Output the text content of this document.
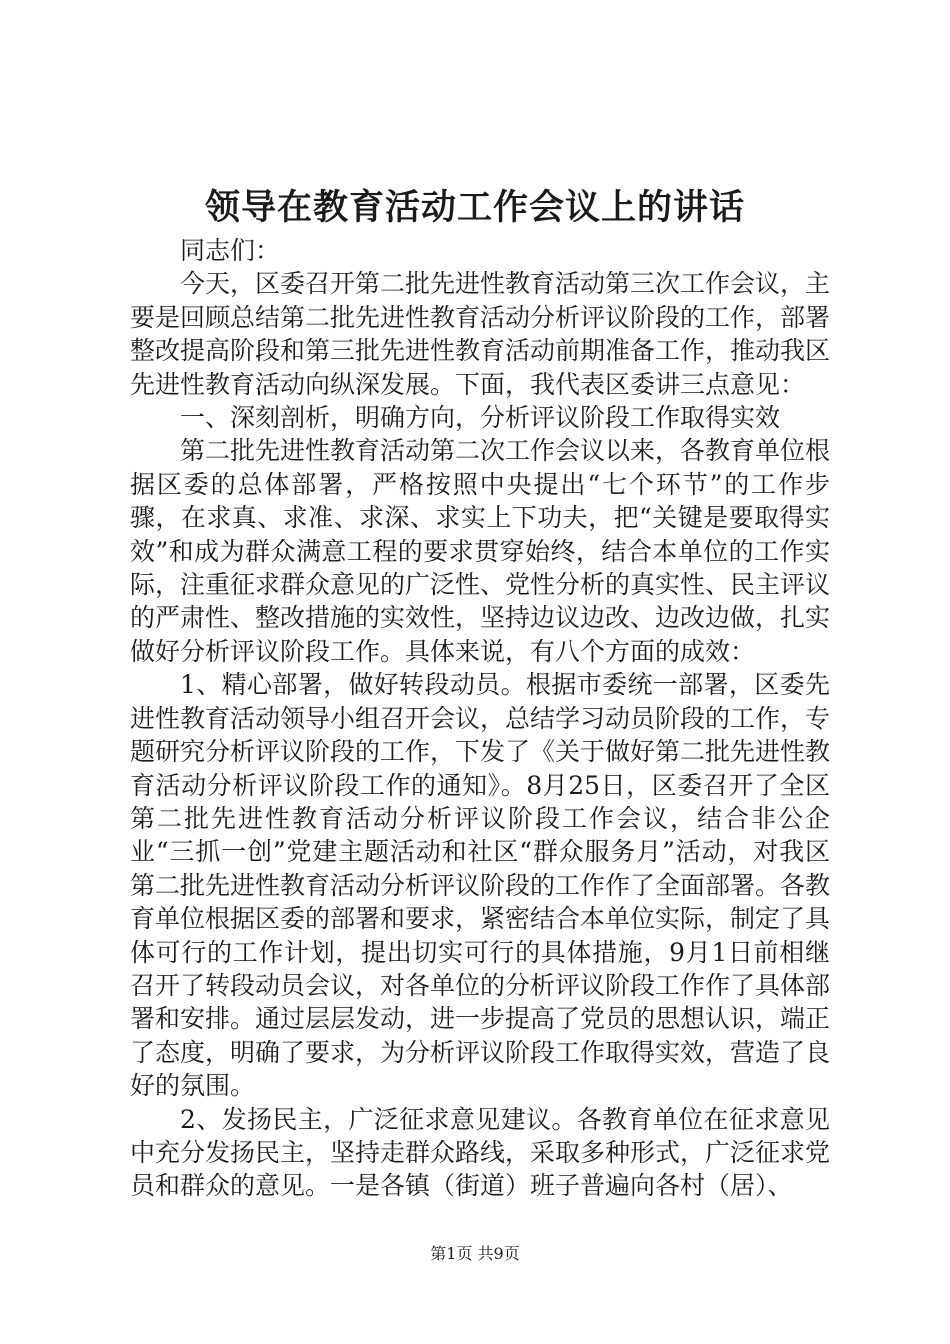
领导在教育活动工作会议上的讲话

同志们：

今天，区委召开第二批先进性教育活动第三次工作会议，主要是回顾总结第二批先进性教育活动分析评议阶段的工作，部署整改提高阶段和第三批先进性教育活动前期准备工作，推动我区先进性教育活动向纵深发展。下面，我代表区委讲三点意见：

一、深刻剖析，明确方向，分析评议阶段工作取得实效

第二批先进性教育活动第二次工作会议以来，各教育单位根据区委的总体部署，严格按照中央提出“七个环节”的工作步骤，在求真、求准、求深、求实上下功夫，把“关键是要取得实效”和成为群众满意工程的要求贯穿始终，结合本单位的工作实际，注重征求群众意见的广泛性、党性分析的真实性、民主评议的严肃性、整改措施的实效性，坚持边议边改、边改边做，扎实做好分析评议阶段工作。具体来说，有八个方面的成效：

1、精心部署，做好转段动员。根据市委统一部署，区委先进性教育活动领导小组召开会议，总结学习动员阶段的工作，专题研究分析评议阶段的工作，下发了《关于做好第二批先进性教育活动分析评议阶段工作的通知》。8月25日，区委召开了全区第二批先进性教育活动分析评议阶段工作会议，结合非公企业“三抓一创”党建主题活动和社区“群众服务月”活动，对我区第二批先进性教育活动分析评议阶段的工作作了全面部署。各教育单位根据区委的部署和要求，紧密结合本单位实际，制定了具体可行的工作计划，提出切实可行的具体措施，9月1日前相继召开了转段动员会议，对各单位的分析评议阶段工作作了具体部署和安排。通过层层发动，进一步提高了党员的思想认识，端正了态度，明确了要求，为分析评议阶段工作取得实效，营造了良好的氛围。

2、发扬民主，广泛征求意见建议。各教育单位在征求意见中充分发扬民主，坚持走群众路线，采取多种形式，广泛征求党员和群众的意见。一是各镇（街道）班子普遍向各村（居）、

第1页 共9页
